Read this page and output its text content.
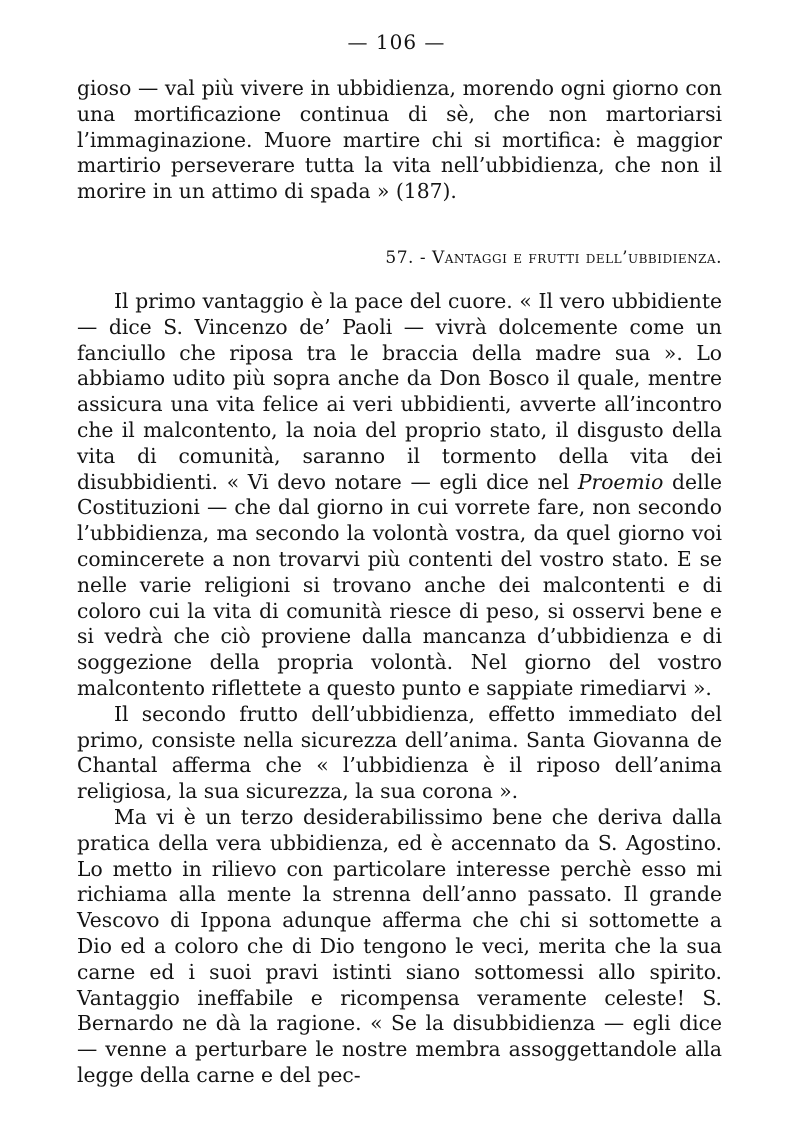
— 106 —

gioso — val più vivere in ubbidienza, morendo ogni giorno con una mortificazione continua di sè, che non martoriarsi l’immaginazione. Muore martire chi si mortifica: è maggior martirio perseverare tutta la vita nell’ubbidienza, che non il morire in un attimo di spada » (187).

57. - Vantaggi e frutti dell’ubbidienza.

Il primo vantaggio è la pace del cuore. « Il vero ubbidiente — dice S. Vincenzo de’ Paoli — vivrà dolcemente come un fanciullo che riposa tra le braccia della madre sua ». Lo abbiamo udito più sopra anche da Don Bosco il quale, mentre assicura una vita felice ai veri ubbidienti, avverte all’incontro che il malcontento, la noia del proprio stato, il disgusto della vita di comunità, saranno il tormento della vita dei disubbidienti. « Vi devo notare — egli dice nel Proemio delle Costituzioni — che dal giorno in cui vorrete fare, non secondo l’ubbidienza, ma secondo la volontà vostra, da quel giorno voi comincerete a non trovarvi più contenti del vostro stato. E se nelle varie religioni si trovano anche dei malcontenti e di coloro cui la vita di comunità riesce di peso, si osservi bene e si vedrà che ciò proviene dalla mancanza d’ubbidienza e di soggezione della propria volontà. Nel giorno del vostro malcontento riflettete a questo punto e sappiate rimediarvi ».

Il secondo frutto dell’ubbidienza, effetto immediato del primo, consiste nella sicurezza dell’anima. Santa Giovanna de Chantal afferma che « l’ubbidienza è il riposo dell’anima religiosa, la sua sicurezza, la sua corona ».

Ma vi è un terzo desiderabilissimo bene che deriva dalla pratica della vera ubbidienza, ed è accennato da S. Agostino. Lo metto in rilievo con particolare interesse perchè esso mi richiama alla mente la strenna dell’anno passato. Il grande Vescovo di Ippona adunque afferma che chi si sottomette a Dio ed a coloro che di Dio tengono le veci, merita che la sua carne ed i suoi pravi istinti siano sottomessi allo spirito. Vantaggio ineffabile e ricompensa veramente celeste! S. Bernardo ne dà la ragione. « Se la disubbidienza — egli dice — venne a perturbare le nostre membra assoggettandole alla legge della carne e del pec-
